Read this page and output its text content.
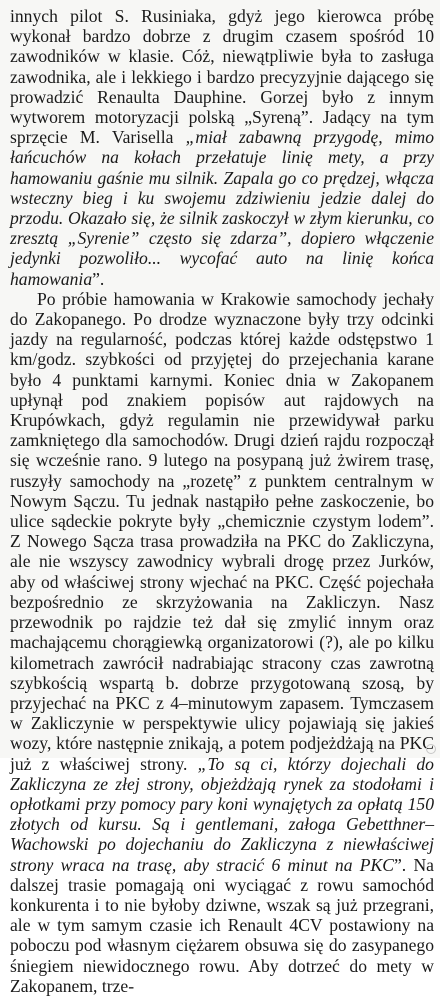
innych pilot S. Rusiniaka, gdyż jego kierowca próbę wykonał bardzo dobrze z drugim czasem spośród 10 zawodników w klasie. Cóż, niewątpliwie była to zasługa zawodnika, ale i lekkiego i bardzo precyzyjnie dającego się prowadzić Renaulta Dauphine. Gorzej było z innym wytworem motoryzacji polską „Syreną”. Jadący na tym sprzęcie M. Varisella „miał zabawną przygodę, mimo łańcuchów na kołach przełatuje linię mety, a przy hamowaniu gaśnie mu silnik. Zapala go co prędzej, włącza wsteczny bieg i ku swojemu zdziwieniu jedzie dalej do przodu. Okazało się, że silnik zaskoczył w złym kierunku, co zresztą „Syrenie” często się zdarza”, dopiero włączenie jedynki pozwoliło... wycofać auto na linię końca hamowania”.
Po próbie hamowania w Krakowie samochody jechały do Zakopanego. Po drodze wyznaczone były trzy odcinki jazdy na regularność, podczas której każde odstępstwo 1 km/godz. szybkości od przyjętej do przejechania karane było 4 punktami karnymi. Koniec dnia w Zakopanem upłynął pod znakiem popisów aut rajdowych na Krupówkach, gdyż regulamin nie przewidywał parku zamkniętego dla samochodów. Drugi dzień rajdu rozpoczął się wcześnie rano. 9 lutego na posypaną już żwirem trasę, ruszyły samochody na „rozetę” z punktem centralnym w Nowym Sączu. Tu jednak nastąpiło pełne zaskoczenie, bo ulice sądeckie pokryte były „chemicznie czystym lodem”. Z Nowego Sącza trasa prowadziła na PKC do Zakliczyna, ale nie wszyscy zawodnicy wybrali drogę przez Jurków, aby od właściwej strony wjechać na PKC. Część pojechała bezpośrednio ze skrzyżowania na Zakliczyn. Nasz przewodnik po rajdzie też dał się zmylić innym oraz machającemu chorągiewką organizatorowi (?), ale po kilku kilometrach zawrócił nadrabiając stracony czas zawrotną szybkością wspartą b. dobrze przygotowaną szosą, by przyjechać na PKC z 4–minutowym zapasem. Tymczasem w Zakliczynie w perspektywie ulicy pojawiają się jakieś wozy, które następnie znikają, a potem podjeżdżają na PKC już z właściwej strony. „To są ci, którzy dojechali do Zakliczyna ze złej strony, objeżdżają rynek za stodołami i opłotkami przy pomocy pary koni wynajętych za opłatą 150 złotych od kursu. Są i gentlemani, załoga Gebetthner–Wachowski po dojechaniu do Zakliczyna z niewłaściwej strony wraca na trasę, aby stracić 6 minut na PKC”. Na dalszej trasie pomagają oni wyciągać z rowu samochód konkurenta i to nie byłoby dziwne, wszak są już przegrani, ale w tym samym czasie ich Renault 4CV postawiony na poboczu pod własnym ciężarem obsuwa się do zasypanego śniegiem niewidocznego rowu. Aby dotrzeć do mety w Zakopanem, trze-
